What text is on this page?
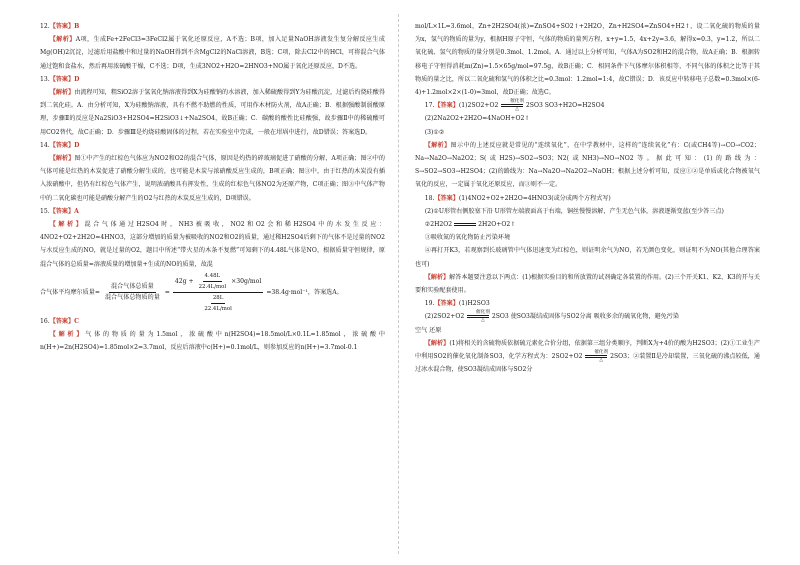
12.【答案】B

【解析】A项，生成Fe+2FeCl3=3FeCl2属于氧化还原反应，A不选；B项，加入足量NaOH溶液发生复分解反应生成Mg(OH)2沉淀，过滤后用盐酸中和过量的NaOH得到不含MgCl2的NaCl溶液，B选；C项，除去Cl2中的HCl，可将混合气体通过饱和食盐水，然后再用浓硫酸干燥，C不选；D项，生成3NO2+H2O=2HNO3+NO属于氧化还原反应，D不选。

13.【答案】D

【解析】由流程可知，粗SiO2溶于氢氧化钠溶液得到X为硅酸钠的水溶液，加入稀硫酸得到Y为硅酸沉淀，过滤后灼烧硅酸得到二氧化硅。A．由分析可知，X为硅酸钠溶液，具有不燃不助燃的性质，可用作木材防火剂，故A正确；B．根据强酸制弱酸原理，步骤Ⅱ的反应是Na2SiO3+H2SO4=H2SiO3↓+Na2SO4，故B正确；C．碳酸的酸性比硅酸强，故步骤Ⅱ中的稀硫酸可用CO2替代，故C正确；D．步骤Ⅲ是灼烧硅酸固体的过程，若在实验室中完成，一般在坩埚中进行，故D错误；答案选D。

14.【答案】D

【解析】图①中产生的红棕色气体应为NO2和O2的混合气体，原因是灼热的碎玻璃促进了硝酸的分解，A项正确；图②中的气体可能是红热的木炭促进了硝酸分解生成的，也可能是木炭与浓硝酸反应生成的，B项正确；图③中，由于红热的木炭没有插入浓硝酸中，但仍有红棕色气体产生，说明浓硝酸具有挥发性，生成的红棕色气体NO2为还原产物，C项正确；图③中气体产物中的二氧化碳也可能是硝酸分解产生的O2与红热的木炭反应生成的，D项错误。

15.【答案】A

【解析】混合气体通过H2SO4时，NH3被吸收，NO2和O2会和稀H2SO4中的水发生反应：4NO2+O2+2H2O=4HNO3，这部分增加的质量为被吸收的NO2和O2的质量，通过稀H2SO4后剩下的气体不是过量的NO2与水反应生成的NO，就是过量的O2，题目中所述“带火星的木条不复燃”可知剩下的4.48L气体是NO，根据质量守恒规律，原混合气体的总质量=溶液质量的增加量+生成的NO的质量，故混

合气体平均摩尔质量= $\frac{\text{混合气体总质量}}{\text{混合气体总物质的量}}$ =
$42g + \frac{4.48L}{\text{22.4L/mol}} \times 30g/mol$
$\frac{28L}{\text{22.4L/mol}}$
=38.4g·mol⁻¹，答案选A。

16.【答案】C

【解析】气体的物质的量为1.5mol，浓硫酸中n(H2SO4)=18.5mol/L×0.1L=1.85mol，浓硫酸中n(H+)=2n(H2SO4)=1.85mol×2=3.7mol，反应后溶液中c(H+)=0.1mol/L，则参加反应的n(H+)=3.7mol-0.1

mol/L×1L=3.6mol，Zn+2H2SO4(浓)=ZnSO4+SO2↑+2H2O，Zn+H2SO4=ZnSO4+H2↑，设二氧化硫的物质的量为x，氢气的物质的量为y，根据H原子守恒，气体的物质的量列方程，x+y=1.5，4x+2y=3.6，解得x=0.3，y=1.2，所以二氧化硫、氢气的物质的量分别是0.3mol、1.2mol。A．通过以上分析可知，气体A为SO2和H2的混合物，故A正确；B．根据转移电子守恒得消耗m(Zn)=1.5×65g/mol=97.5g，故B正确；C．相同条件下气体摩尔体积相等，不同气体的体积之比等于其物质的量之比，所以二氧化硫和氢气的体积之比=0.3mol：1.2mol=1:4，故C错误；D．该反应中转移电子总数=0.3mol×(6-4)+1.2mol×2×(1-0)=3mol，故D正确；故选C。

17.【答案】(1)2SO2+O2
催化剂
△
2SO3 SO3+H2O=H2SO4

(2)2Na2O2+2H2O=4NaOH+O2↑

(3)①②

【解析】图示中的上述反应就是常见的“连续氧化”，在中学教材中，这样的“连续氧化”有：C(或CH4等)→CO→CO2；Na→Na2O→Na2O2；S(或H2S)→SO2→SO3；N2(或NH3)→NO→NO2等。据此可知：(1)的路线为：S→SO2→SO3→H2SO4；(2)的路线为：Na→Na2O→Na2O2→NaOH；根据上述分析可知，反应①②是单质或化合物被氧气氧化的反应，一定属于氧化还原反应，而③则不一定。

18.【答案】(1)4NO2+O2+2H2O=4HNO3(或分成两个方程式写)

(2)①U形管右侧胶塞下沿 U形管左端液面高于右端，铜丝慢慢溶解，产生无色气体，溶液逐渐变蓝(至少答三点)

②2H2O2	2H2O+O2↑

③吸收氮的氧化物防止污染环境

④再打开K3，若观察到长玻璃管中气体迅速变为红棕色，则证明余气为NO，若无颜色变化，则证明不为NO(其他合理答案也可)

【解析】解答本题要注意以下两点：(1)根据实验目的和所放置的试剂确定各装置的作用。(2)三个开关K1、K2、K3的开与关要和实验配套使用。

19.【答案】(1)H2SO3

(2)2SO2+O2
催化剂
△
2SO3 使SO3凝结成固体与SO2分离 吸收多余的硫氧化物，避免污染

空气 还原

【解析】(1)将相关的含硫物质依据硫元素化合价分组，依据第三组分类顺序，判断X为+4价的酸为H2SO3；(2)①工业生产中利用SO2的催化氧化制备SO3，化学方程式为：2SO2+O2
催化剂
△
2SO3；②装置Ⅱ是冷却装置，三氧化硫的沸点较低，通过冰水混合物，使SO3凝结成固体与SO2分
